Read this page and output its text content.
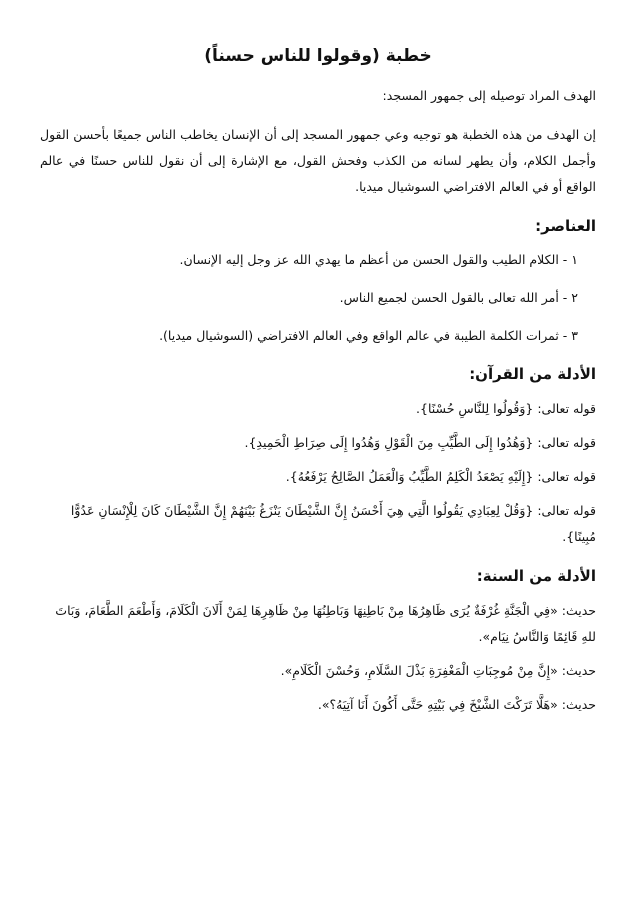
خطبة (وقولوا للناس حسناً)

الهدف المراد توصيله إلى جمهور المسجد:

إن الهدف من هذه الخطبة هو توجيه وعي جمهور المسجد إلى أن الإنسان يخاطب الناس جميعًا بأحسن القول وأجمل الكلام، وأن يطهر لسانه من الكذب وفحش القول، مع الإشارة إلى أن نقول للناس حسنًا في عالم الواقع أو في العالم الافتراضي السوشيال ميديا.

العناصر:
١ - الكلام الطيب والقول الحسن من أعظم ما يهدي الله عز وجل إليه الإنسان.
٢ - أمر الله تعالى بالقول الحسن لجميع الناس.
٣ - ثمرات الكلمة الطيبة في عالم الواقع وفي العالم الافتراضي (السوشيال ميديا).
الأدلة من القرآن:
قوله تعالى: {وَقُولُوا لِلنَّاسِ حُسْنًا}.
قوله تعالى: {وَهُدُوا إِلَى الطَّيِّبِ مِنَ الْقَوْلِ وَهُدُوا إِلَى صِرَاطِ الْحَمِيدِ}.
قوله تعالى: {إِلَيْهِ يَصْعَدُ الْكَلِمُ الطَّيِّبُ وَالْعَمَلُ الصَّالِحُ يَرْفَعُهُ}.
قوله تعالى: {وَقُلْ لِعِبَادِي يَقُولُوا الَّتِي هِيَ أَحْسَنُ إِنَّ الشَّيْطَانَ يَنْزَغُ بَيْنَهُمْ إِنَّ الشَّيْطَانَ كَانَ لِلْإِنْسَانِ عَدُوًّا مُبِينًا}.
الأدلة من السنة:
حديث: «فِي الْجَنَّةِ غُرْفَةٌ يُرَى ظَاهِرُهَا مِنْ بَاطِنِهَا وَبَاطِنُهَا مِنْ ظَاهِرِهَا لِمَنْ أَلَانَ الْكَلَامَ، وَأَطْعَمَ الطَّعَامَ، وَبَاتَ للهِ قَائِمًا وَالنَّاسُ نِيَام».
حديث: «إِنَّ مِنْ مُوجِبَاتِ الْمَغْفِرَةِ بَذْلَ السَّلَامِ، وَحُسْنَ الْكَلَامِ».
حديث: «هَلَّا تَرَكْتَ الشَّيْخَ فِي بَيْتِهِ حَتَّى أَكُونَ أَنَا آتِيَهُ؟».
